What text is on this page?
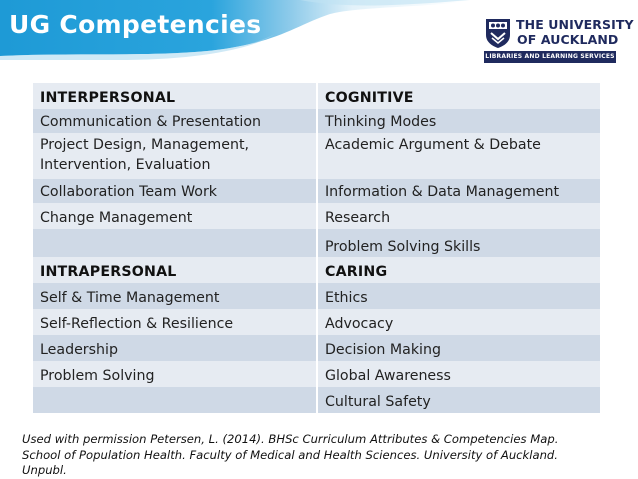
UG Competencies	THE UNIVERSITY
OF AUCKLAND
LIBRARIES AND LEARNING SERVICES
INTERPERSONAL	COGNITIVE
Communication & Presentation	Thinking Modes
Project Design, Management, Intervention, Evaluation	Academic Argument & Debate
Collaboration Team Work	Information & Data Management
Change Management	Research
	Problem Solving Skills
INTRAPERSONAL	CARING
Self & Time Management	Ethics
Self-Reflection & Resilience	Advocacy
Leadership	Decision Making
Problem Solving	Global Awareness
	Cultural Safety
Used with permission Petersen, L. (2014). BHSc Curriculum Attributes & Competencies Map. School of Population Health. Faculty of Medical and Health Sciences. University of Auckland. Unpubl.
